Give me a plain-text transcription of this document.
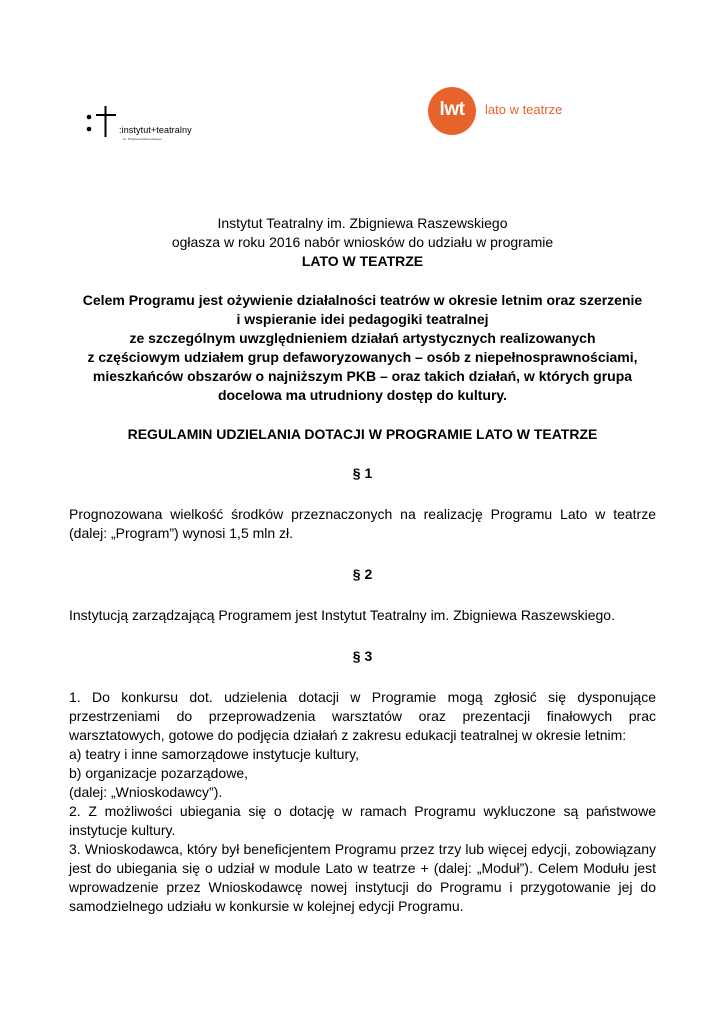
:instytut+teatralny
im. Zbigniewa Raszewskiego
lwt	lato w teatrze

Instytut Teatralny im. Zbigniewa Raszewskiego

ogłasza w roku 2016 nabór wniosków do udziału w programie

LATO W TEATRZE

Celem Programu jest ożywienie działalności teatrów w okresie letnim oraz szerzenie

i wspieranie idei pedagogiki teatralnej

ze szczególnym uwzględnieniem działań artystycznych realizowanych

z częściowym udziałem grup defaworyzowanych – osób z niepełnosprawnościami,

mieszkańców obszarów o najniższym PKB – oraz takich działań, w których grupa

docelowa ma utrudniony dostęp do kultury.

REGULAMIN UDZIELANIA DOTACJI W PROGRAMIE LATO W TEATRZE

§ 1

Prognozowana wielkość środków przeznaczonych na realizację Programu Lato w teatrze (dalej: „Program”) wynosi 1,5 mln zł.

§ 2

Instytucją zarządzającą Programem jest Instytut Teatralny im. Zbigniewa Raszewskiego.

§ 3

1. Do konkursu dot. udzielenia dotacji w Programie mogą zgłosić się dysponujące przestrzeniami do przeprowadzenia warsztatów oraz prezentacji finałowych prac warsztatowych, gotowe do podjęcia działań z zakresu edukacji teatralnej w okresie letnim:

a) teatry i inne samorządowe instytucje kultury,

b) organizacje pozarządowe,

(dalej: „Wnioskodawcy”).

2. Z możliwości ubiegania się o dotację w ramach Programu wykluczone są państwowe instytucje kultury.

3. Wnioskodawca, który był beneficjentem Programu przez trzy lub więcej edycji, zobowiązany jest do ubiegania się o udział w module Lato w teatrze + (dalej: „Moduł”). Celem Modułu jest wprowadzenie przez Wnioskodawcę nowej instytucji do Programu i przygotowanie jej do samodzielnego udziału w konkursie w kolejnej edycji Programu.
